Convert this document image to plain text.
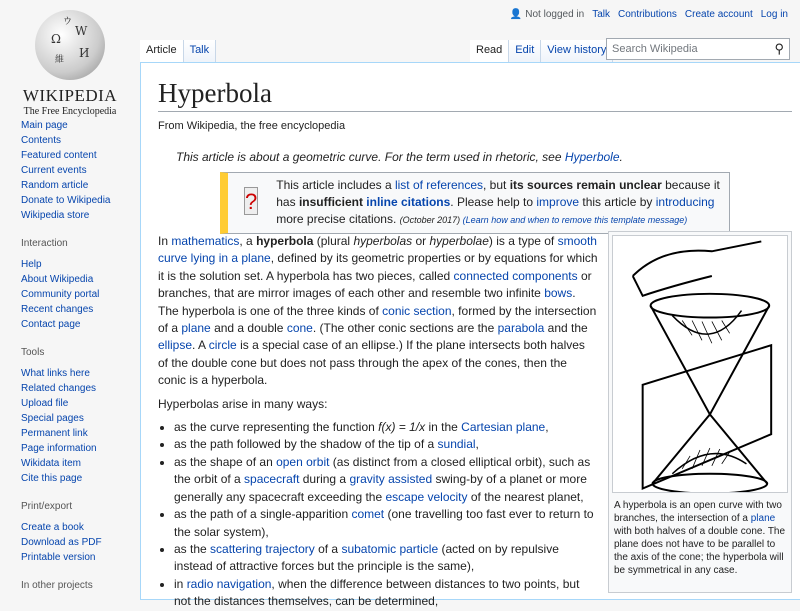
Ω
W
И
維
ウ
WIKIPEDIA
The Free Encyclopedia
Main page
Contents
Featured content
Current events
Random article
Donate to Wikipedia
Wikipedia store
Interaction
Help
About Wikipedia
Community portal
Recent changes
Contact page
Tools
What links here
Related changes
Upload file
Special pages
Permanent link
Page information
Wikidata item
Cite this page
Print/export
Create a book
Download as PDF
Printable version
In other projects
👤 Not logged in Talk Contributions Create account Log in
Article	Talk	Read	Edit	View history Search Wikipedia	⚲
Hyperbola
From Wikipedia, the free encyclopedia
This article is about a geometric curve. For the term used in rhetoric, see Hyperbole.
?
This article includes a list of references, but its sources remain unclear because it has insufficient inline citations. Please help to improve this article by introducing more precise citations. (October 2017) (Learn how and when to remove this template message)

In mathematics, a hyperbola (plural hyperbolas or hyperbolae) is a type of smooth curve lying in a plane, defined by its geometric properties or by equations for which it is the solution set. A hyperbola has two pieces, called connected components or branches, that are mirror images of each other and resemble two infinite bows. The hyperbola is one of the three kinds of conic section, formed by the intersection of a plane and a double cone. (The other conic sections are the parabola and the ellipse. A circle is a special case of an ellipse.) If the plane intersects both halves of the double cone but does not pass through the apex of the cones, then the conic is a hyperbola.

Hyperbolas arise in many ways:

• as the curve representing the function f(x) = 1/x in the Cartesian plane,
• as the path followed by the shadow of the tip of a sundial,
• as the shape of an open orbit (as distinct from a closed elliptical orbit), such as the orbit of a spacecraft during a gravity assisted swing-by of a planet or more generally any spacecraft exceeding the escape velocity of the nearest planet,
• as the path of a single-apparition comet (one travelling too fast ever to return to the solar system),
• as the scattering trajectory of a subatomic particle (acted on by repulsive instead of attractive forces but the principle is the same),
• in radio navigation, when the difference between distances to two points, but not the distances themselves, can be determined,
A hyperbola is an open curve with two branches, the intersection of a plane with both halves of a double cone. The plane does not have to be parallel to the axis of the cone; the hyperbola will be symmetrical in any case.
